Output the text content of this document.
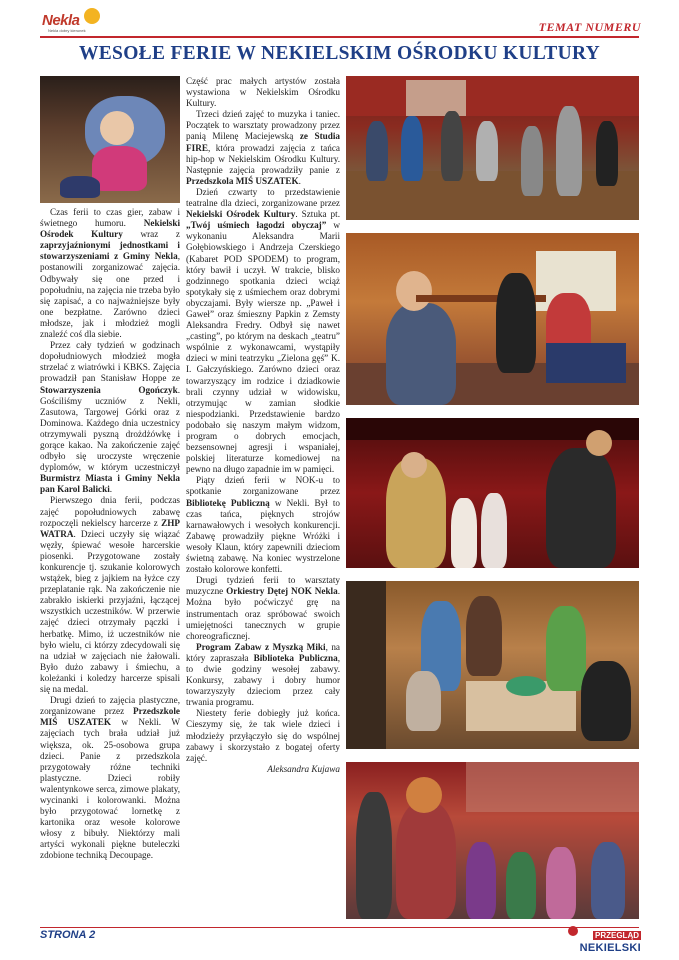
Nekla
Nekla dobry kierunek	TEMAT NUMERU
WESOŁE FERIE W NEKIELSKIM OŚRODKU KULTURY

Czas ferii to czas gier, zabaw i świetnego humoru. Nekielski Ośrodek Kultury wraz z zaprzyjaźnionymi jednostkami i stowarzyszeniami z Gminy Nekla, postanowili zorganizować zajęcia. Odbywały się one przed i popołudniu, na zajęcia nie trzeba było się zapisać, a co najważniejsze były one bezpłatne. Zarówno dzieci młodsze, jak i młodzież mogli znaleźć coś dla siebie.

Przez cały tydzień w godzinach dopołudniowych młodzież mogła strzelać z wiatrówki i KBKS. Zajęcia prowadził pan Stanisław Hoppe ze Stowarzyszenia Ogończyk. Gościliśmy uczniów z Nekli, Zasutowa, Targowej Górki oraz z Dominowa. Każdego dnia uczestnicy otrzymywali pyszną drożdżówkę i gorące kakao. Na zakończenie zajęć odbyło się uroczyste wręczenie dyplomów, w którym uczestniczył Burmistrz Miasta i Gminy Nekla pan Karol Balicki.

Pierwszego dnia ferii, podczas zajęć popołudniowych zabawę rozpoczęli nekielscy harcerze z ZHP WATRA. Dzieci uczyły się wiązać węzły, śpiewać wesołe harcerskie piosenki. Przygotowane zostały konkurencje tj. szukanie kolorowych wstążek, bieg z jajkiem na łyżce czy przeplatanie rąk. Na zakończenie nie zabrakło iskierki przyjaźni, łączącej wszystkich uczestników. W przerwie zajęć dzieci otrzymały pączki i herbatkę. Mimo, iż uczestników nie było wielu, ci którzy zdecydowali się na udział w zajęciach nie żałowali. Było dużo zabawy i śmiechu, a koleżanki i koledzy harcerze spisali się na medal.

Drugi dzień to zajęcia plastyczne, zorganizowane przez Przedszkole MIŚ USZATEK w Nekli. W zajęciach tych brała udział już większa, ok. 25-osobowa grupa dzieci. Panie z przedszkola przygotowały różne techniki plastyczne. Dzieci robiły walentynkowe serca, zimowe plakaty, wycinanki i kolorowanki. Można było przygotować lornetkę z kartonika oraz wesołe kolorowe włosy z bibuły. Niektórzy mali artyści wykonali piękne buteleczki zdobione techniką Decoupage.

Część prac małych artystów została wystawiona w Nekielskim Ośrodku Kultury.

Trzeci dzień zajęć to muzyka i taniec. Początek to warsztaty prowadzony przez panią Milenę Maciejewską ze Studia FIRE, która prowadzi zajęcia z tańca hip-hop w Nekielskim Ośrodku Kultury. Następnie zajęcia prowadziły panie z Przedszkola MIŚ USZATEK.

Dzień czwarty to przedstawienie teatralne dla dzieci, zorganizowane przez Nekielski Ośrodek Kultury. Sztuka pt. „Twój uśmiech łagodzi obyczaj” w wykonaniu Aleksandra Marii Gołębiowskiego i Andrzeja Czerskiego (Kabaret POD SPODEM) to program, który bawił i uczył. W trakcie, blisko godzinnego spotkania dzieci wciąż spotykały się z uśmiechem oraz dobrymi obyczajami. Były wiersze np. „Paweł i Gaweł” oraz śmieszny Papkin z Zemsty Aleksandra Fredry. Odbył się nawet „casting”, po którym na deskach „teatru” wspólnie z wykonawcami, wystąpiły dzieci w mini teatrzyku „Zielona gęś” K. I. Gałczyńskiego. Zarówno dzieci oraz towarzyszący im rodzice i dziadkowie brali czynny udział w widowisku, otrzymując w zamian słodkie niespodzianki. Przedstawienie bardzo podobało się naszym małym widzom, program o dobrych emocjach, bezsensownej agresji i wspaniałej, polskiej literaturze komediowej na pewno na długo zapadnie im w pamięci.

Piąty dzień ferii w NOK-u to spotkanie zorganizowane przez Bibliotekę Publiczną w Nekli. Był to czas tańca, pięknych strojów karnawałowych i wesołych konkurencji. Zabawę prowadziły piękne Wróżki i wesoły Klaun, który zapewnili dzieciom świetną zabawę. Na koniec wystrzelone zostało kolorowe konfetti.

Drugi tydzień ferii to warsztaty muzyczne Orkiestry Dętej NOK Nekla. Można było poćwiczyć grę na instrumentach oraz spróbować swoich umiejętności tanecznych w grupie choreograficznej.

Program Zabaw z Myszką Miki, na który zapraszała Biblioteka Publiczna, to dwie godziny wesołej zabawy. Konkursy, zabawy i dobry humor towarzyszyły dzieciom przez cały trwania programu.

Niestety ferie dobiegły już końca. Cieszymy się, że tak wiele dzieci i młodzieży przyłączyło się do wspólnej zabawy i skorzystało z bogatej oferty zajęć.

Aleksandra Kujawa

STRONA 2	PRZEGLĄD
NEKIELSKI
